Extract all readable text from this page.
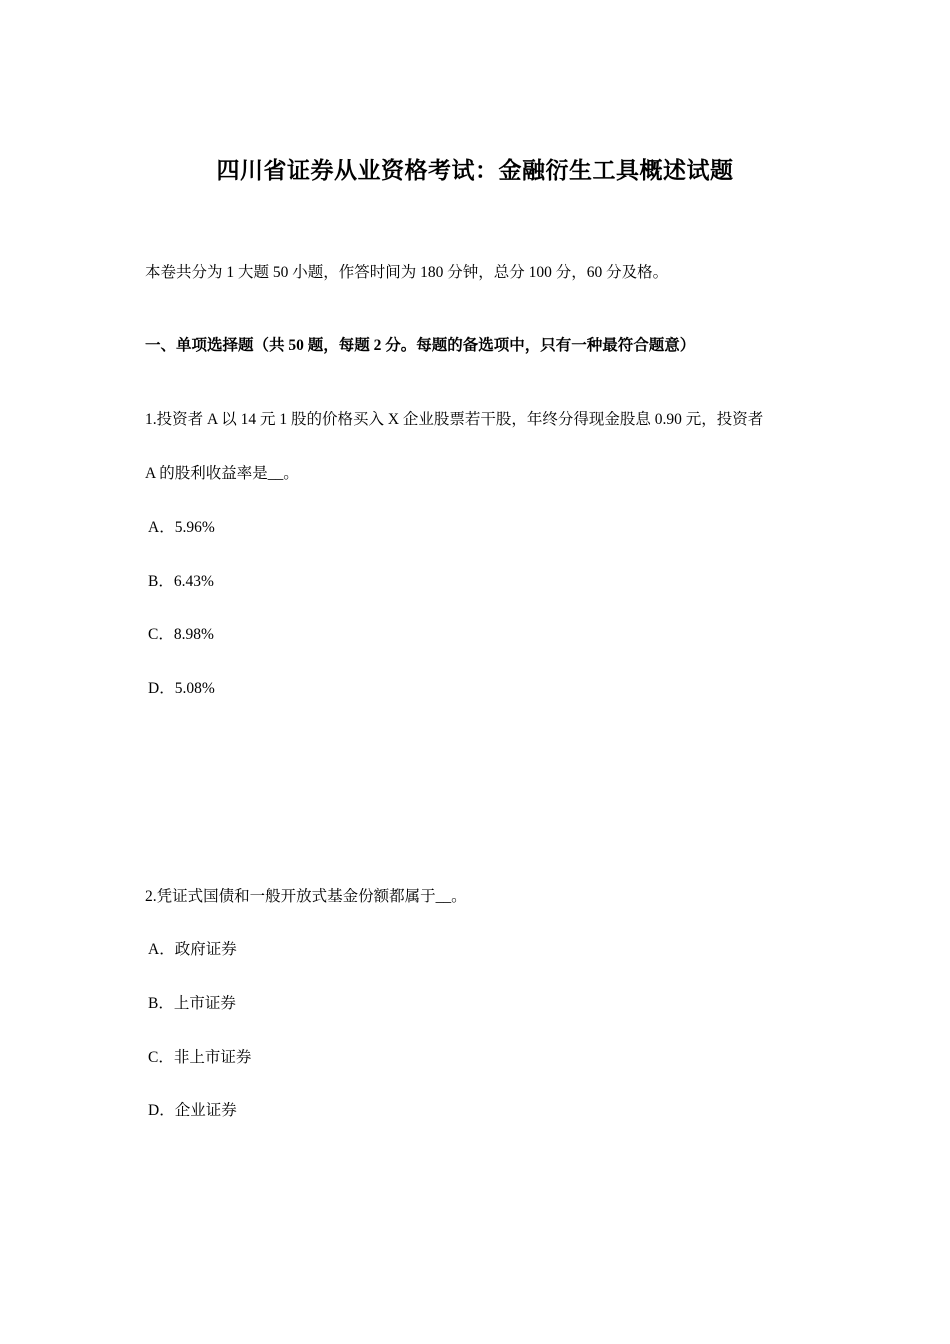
四川省证券从业资格考试：金融衍生工具概述试题
本卷共分为 1 大题 50 小题，作答时间为 180 分钟，总分 100 分，60 分及格。
一、单项选择题（共 50 题，每题 2 分。每题的备选项中，只有一种最符合题意）
1.投资者 A 以 14 元 1 股的价格买入 X 企业股票若干股，年终分得现金股息 0.90 元，投资者
A 的股利收益率是__。
A．5.96%
B．6.43%
C．8.98%
D．5.08%
2.凭证式国债和一般开放式基金份额都属于__。
A．政府证券
B．上市证券
C．非上市证券
D．企业证券
